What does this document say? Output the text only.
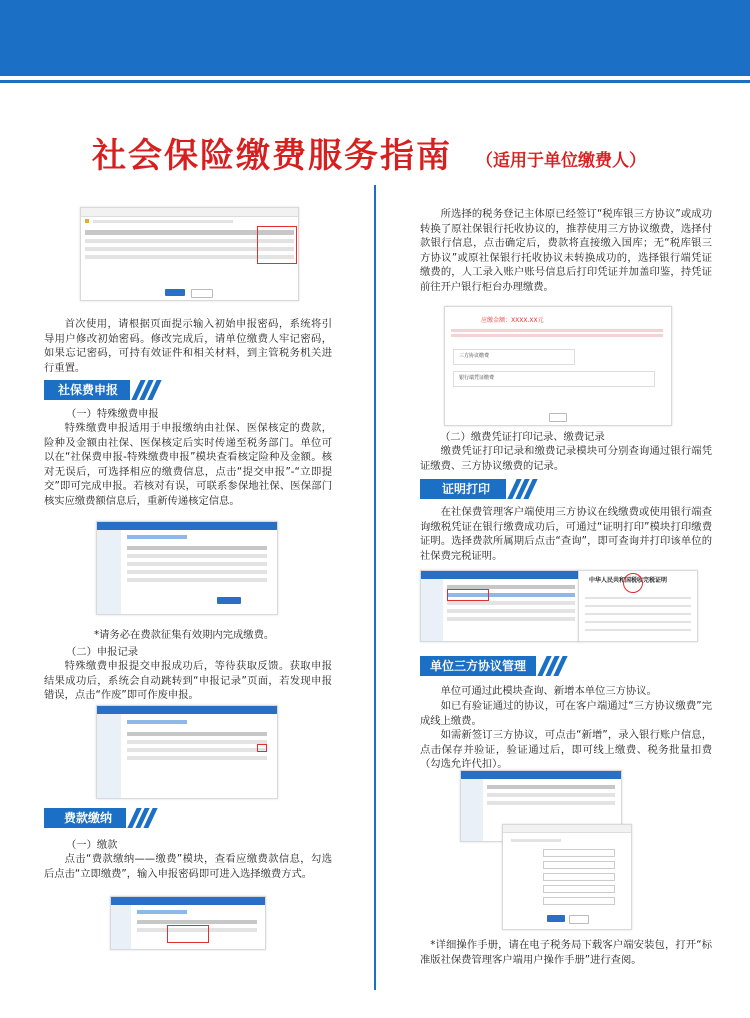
社会保险缴费服务指南 （适用于单位缴费人）
首次使用，请根据页面提示输入初始申报密码，系统将引导用户修改初始密码。修改完成后，请单位缴费人牢记密码，如果忘记密码，可持有效证件和相关材料，到主管税务机关进行重置。
社保费申报
（一）特殊缴费申报
特殊缴费申报适用于申报缴纳由社保、医保核定的费款，险种及金额由社保、医保核定后实时传递至税务部门。单位可以在“社保费申报-特殊缴费申报”模块查看核定险种及金额。核对无误后，可选择相应的缴费信息，点击“提交申报”-“立即提交”即可完成申报。若核对有误，可联系参保地社保、医保部门核实应缴费额信息后，重新传递核定信息。
*请务必在费款征集有效期内完成缴费。
（二）申报记录
特殊缴费申报提交申报成功后，等待获取反馈。获取申报结果成功后，系统会自动跳转到“申报记录”页面，若发现申报错误，点击“作废”即可作废申报。
费款缴纳
（一）缴款
点击“费款缴纳——缴费”模块，查看应缴费款信息，勾选后点击“立即缴费”，输入申报密码即可进入选择缴费方式。
所选择的税务登记主体原已经签订“税库银三方协议”或成功转换了原社保银行托收协议的，推荐使用三方协议缴费，选择付款银行信息，点击确定后，费款将直接缴入国库；无“税库银三方协议”或原社保银行托收协议未转换成功的，选择银行端凭证缴费的，人工录入账户账号信息后打印凭证并加盖印鉴，持凭证前往开户银行柜台办理缴费。
应缴金额：XXXX.XX元
三方协议缴费
银行端凭证缴费
（二）缴费凭证打印记录、缴费记录
缴费凭证打印记录和缴费记录模块可分别查询通过银行端凭证缴费、三方协议缴费的记录。
证明打印
在社保费管理客户端使用三方协议在线缴费或使用银行端查询缴税凭证在银行缴费成功后，可通过“证明打印”模块打印缴费证明。选择费款所属期后点击“查询”，即可查询并打印该单位的社保费完税证明。
中华人民共和国税收完税证明
单位三方协议管理
单位可通过此模块查询、新增本单位三方协议。
如已有验证通过的协议，可在客户端通过“三方协议缴费”完成线上缴费。
如需新签订三方协议，可点击“新增”，录入银行账户信息，点击保存并验证，验证通过后，即可线上缴费、税务批量扣费（勾选允许代扣）。
*详细操作手册，请在电子税务局下载客户端安装包，打开“标准版社保费管理客户端用户操作手册”进行查阅。
